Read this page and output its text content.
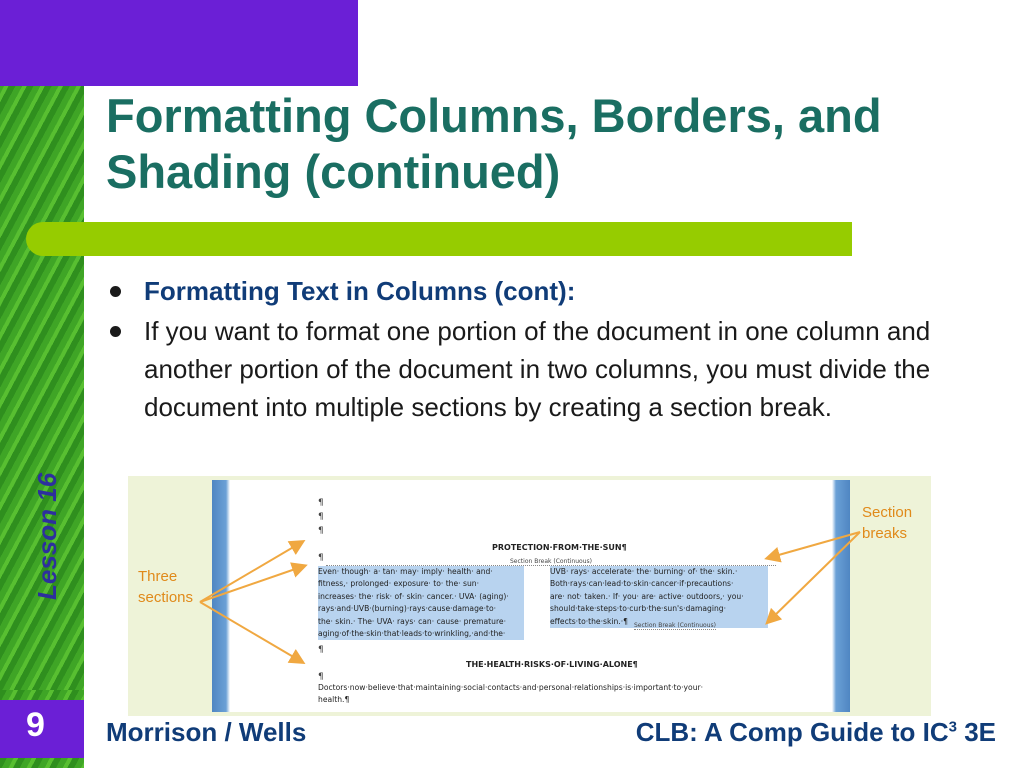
Formatting Columns, Borders, and
Shading (continued)
Formatting Text in Columns (cont):
If you want to format one portion of the document in one column and another portion of the document in two columns, you must divide the document into multiple sections by creating a section break.
Lesson 16	¶
¶
¶
PROTECTION·FROM·THE·SUN¶
¶	Section Break (Continuous)
Even· though· a· tan· may· imply· health· and·
fitness,· prolonged· exposure· to· the· sun·
increases· the· risk· of· skin· cancer.· UVA· (aging)·
rays·and·UVB·(burning)·rays·cause·damage·to·
the· skin.· The· UVA· rays· can· cause· premature·
aging·of·the·skin·that·leads·to·wrinkling,·and·the·
UVB· rays· accelerate· the· burning· of· the· skin.·
Both·rays·can·lead·to·skin·cancer·if·precautions·
are· not· taken.· If· you· are· active· outdoors,· you·
should·take·steps·to·curb·the·sun's·damaging·
effects·to·the·skin.·¶	Section Break (Continuous)
¶
THE·HEALTH·RISKS·OF·LIVING·ALONE¶
¶
Doctors·now·believe·that·maintaining·social·contacts·and·personal·relationships·is·important·to·your·
health.¶
Three
sections
Section
breaks
9 Morrison / Wells	CLB: A Comp Guide to $IC^3$ 3E
